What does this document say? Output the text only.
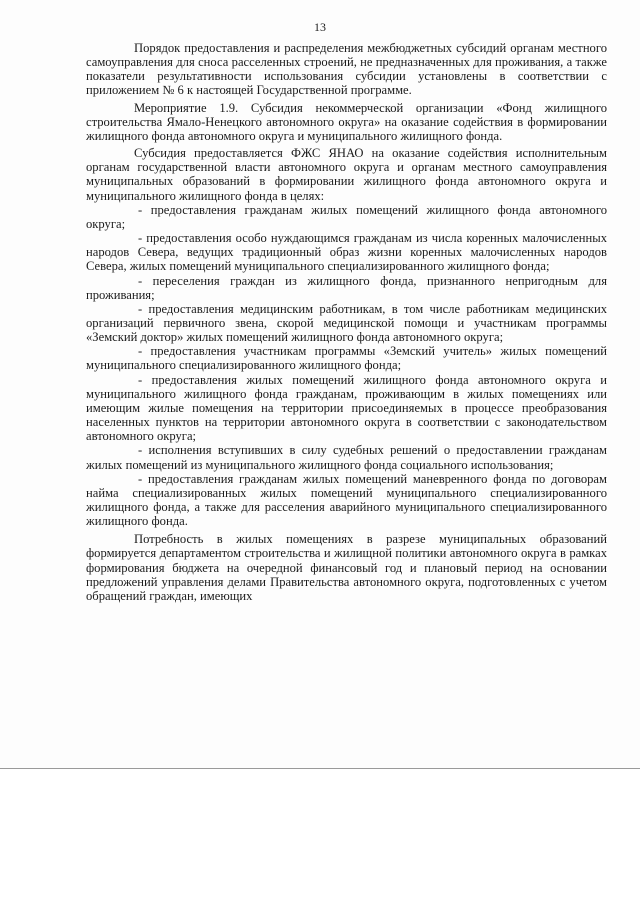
13

Порядок предоставления и распределения межбюджетных субсидий органам местного самоуправления для сноса расселенных строений, не предназначенных для проживания, а также показатели результативности использования субсидии установлены в соответствии с приложением № 6 к настоящей Государственной программе.

Мероприятие 1.9. Субсидия некоммерческой организации «Фонд жилищного строительства Ямало-Ненецкого автономного округа» на оказание содействия в формировании жилищного фонда автономного округа и муниципального жилищного фонда.

Субсидия предоставляется ФЖС ЯНАО на оказание содействия исполнительным органам государственной власти автономного округа и органам местного самоуправления муниципальных образований в формировании жилищного фонда автономного округа и муниципального жилищного фонда в целях:

- предоставления гражданам жилых помещений жилищного фонда автономного округа;

- предоставления особо нуждающимся гражданам из числа коренных малочисленных народов Севера, ведущих традиционный образ жизни коренных малочисленных народов Севера, жилых помещений муниципального специализированного жилищного фонда;

- переселения граждан из жилищного фонда, признанного непригодным для проживания;

- предоставления медицинским работникам, в том числе работникам медицинских организаций первичного звена, скорой медицинской помощи и участникам программы «Земский доктор» жилых помещений жилищного фонда автономного округа;

- предоставления участникам программы «Земский учитель» жилых помещений муниципального специализированного жилищного фонда;

- предоставления жилых помещений жилищного фонда автономного округа и муниципального жилищного фонда гражданам, проживающим в жилых помещениях или имеющим жилые помещения на территории присоединяемых в процессе преобразования населенных пунктов на территории автономного округа в соответствии с законодательством автономного округа;

- исполнения вступивших в силу судебных решений о предоставлении гражданам жилых помещений из муниципального жилищного фонда социального использования;

- предоставления гражданам жилых помещений маневренного фонда по договорам найма специализированных жилых помещений муниципального специализированного жилищного фонда, а также для расселения аварийного муниципального специализированного жилищного фонда.

Потребность в жилых помещениях в разрезе муниципальных образований формируется департаментом строительства и жилищной политики автономного округа в рамках формирования бюджета на очередной финансовый год и плановый период на основании предложений управления делами Правительства автономного округа, подготовленных с учетом обращений граждан, имеющих
